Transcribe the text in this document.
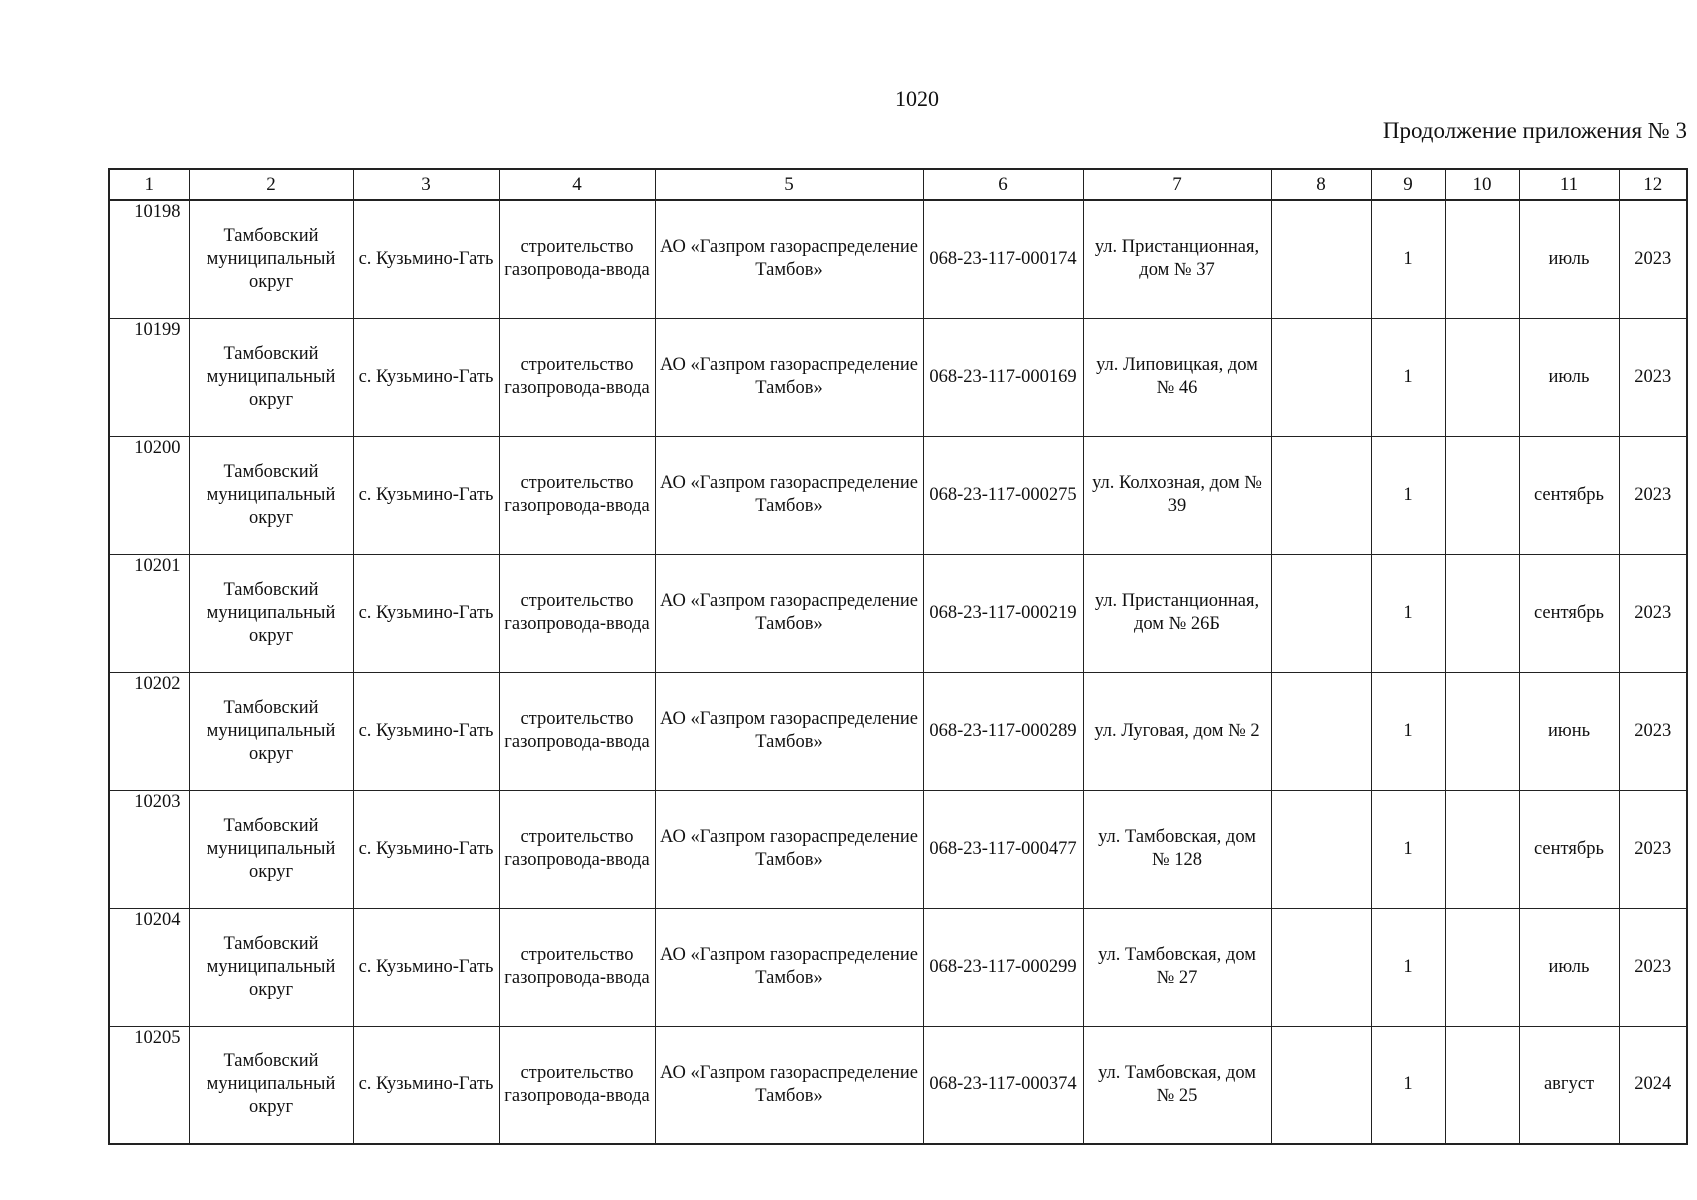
1020
Продолжение приложения № 3
1	2	3	4	5	6	7	8	9	10	11	12
10198	Тамбовский муниципальный округ	с. Кузьмино-Гать	строительство газопровода-ввода	АО «Газпром газораспределение Тамбов»	068-23-117-000174	ул. Пристанционная, дом № 37		1		июль	2023
10199	Тамбовский муниципальный округ	с. Кузьмино-Гать	строительство газопровода-ввода	АО «Газпром газораспределение Тамбов»	068-23-117-000169	ул. Липовицкая, дом № 46		1		июль	2023
10200	Тамбовский муниципальный округ	с. Кузьмино-Гать	строительство газопровода-ввода	АО «Газпром газораспределение Тамбов»	068-23-117-000275	ул. Колхозная, дом № 39		1		сентябрь	2023
10201	Тамбовский муниципальный округ	с. Кузьмино-Гать	строительство газопровода-ввода	АО «Газпром газораспределение Тамбов»	068-23-117-000219	ул. Пристанционная, дом № 26Б		1		сентябрь	2023
10202	Тамбовский муниципальный округ	с. Кузьмино-Гать	строительство газопровода-ввода	АО «Газпром газораспределение Тамбов»	068-23-117-000289	ул. Луговая, дом № 2		1		июнь	2023
10203	Тамбовский муниципальный округ	с. Кузьмино-Гать	строительство газопровода-ввода	АО «Газпром газораспределение Тамбов»	068-23-117-000477	ул. Тамбовская, дом № 128		1		сентябрь	2023
10204	Тамбовский муниципальный округ	с. Кузьмино-Гать	строительство газопровода-ввода	АО «Газпром газораспределение Тамбов»	068-23-117-000299	ул. Тамбовская, дом № 27		1		июль	2023
10205	Тамбовский муниципальный округ	с. Кузьмино-Гать	строительство газопровода-ввода	АО «Газпром газораспределение Тамбов»	068-23-117-000374	ул. Тамбовская, дом № 25		1		август	2024
